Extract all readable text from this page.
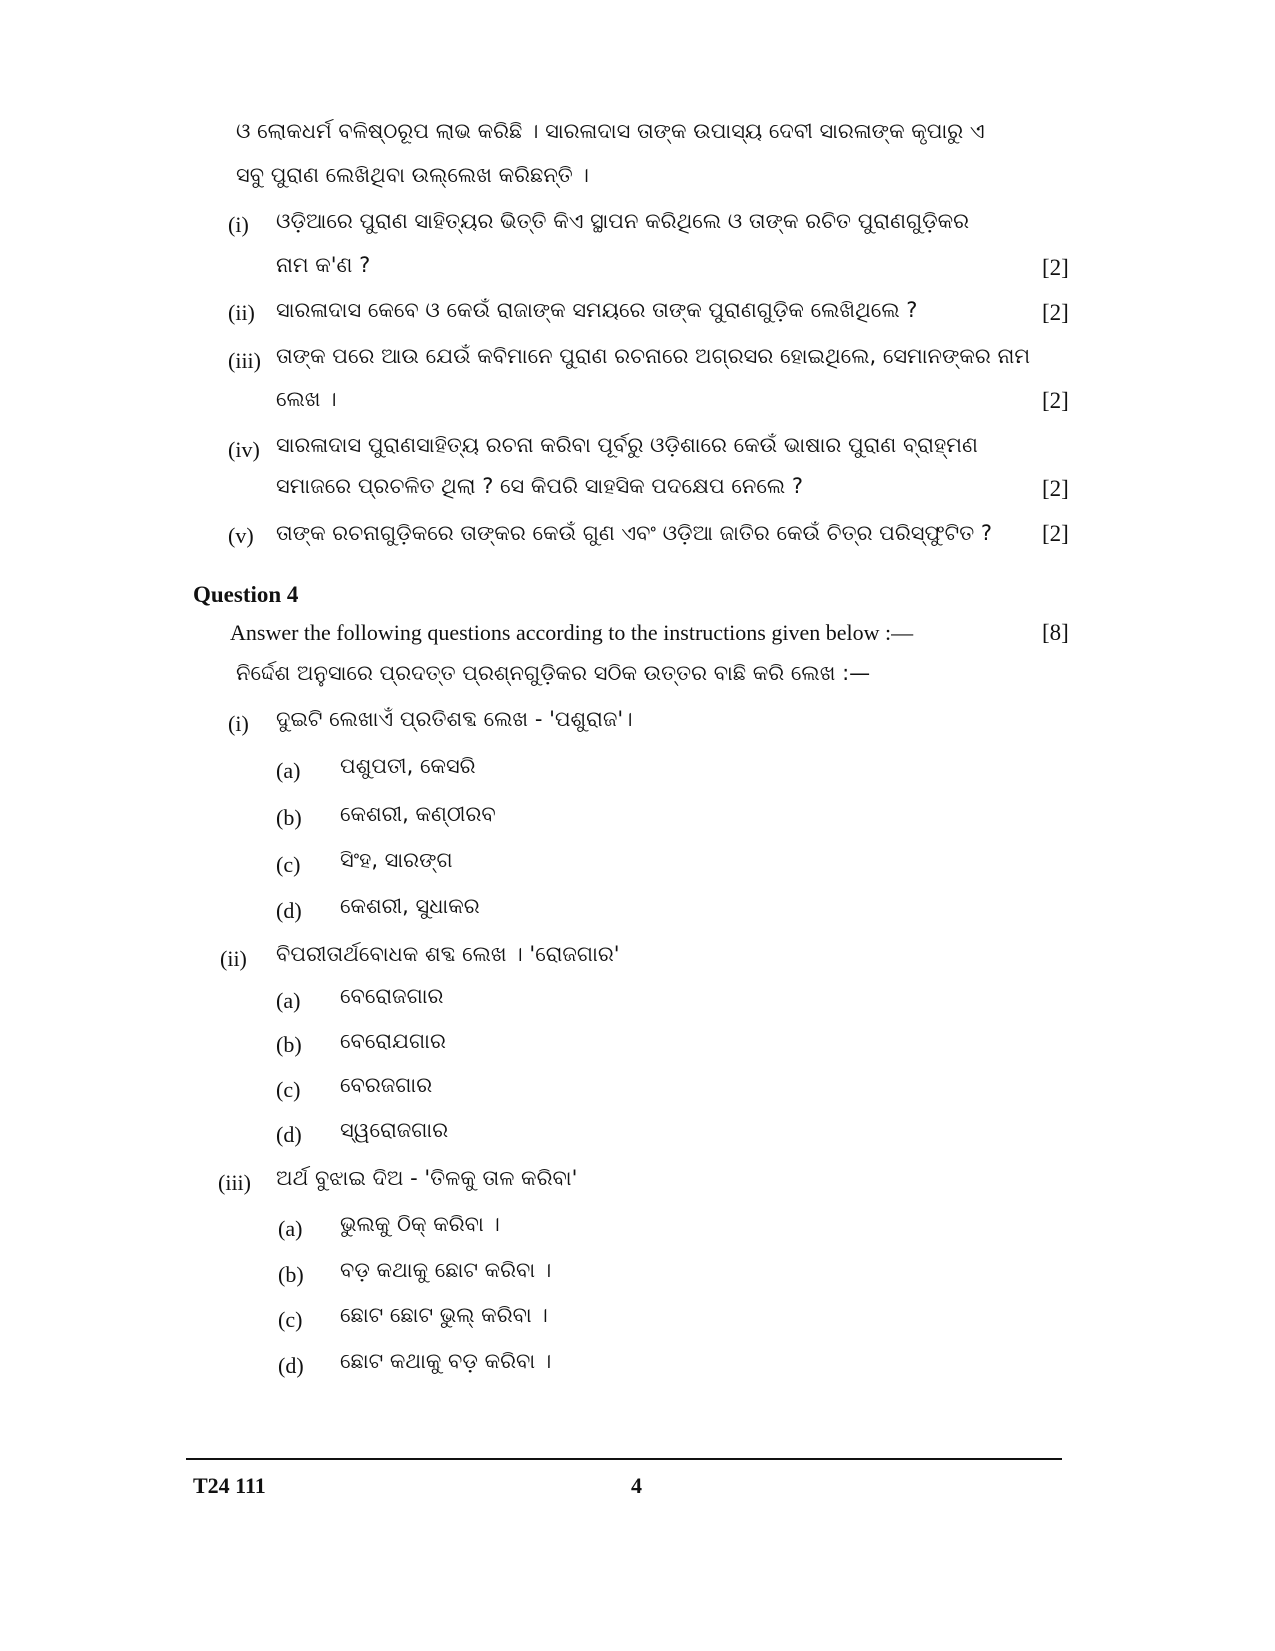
ଓ ଲୋକଧର୍ମ ବଳିଷ୍ଠରୂପ ଲାଭ କରିଛି । ସାରଳାଦାସ ତାଙ୍କ ଉପାସ୍ୟ ଦେବୀ ସାରଳାଙ୍କ କୃପାରୁ ଏ
ସବୁ ପୁରାଣ ଲେଖିଥିବା ଉଲ୍ଲେଖ କରିଛନ୍ତି ।
(i) ଓଡ଼ିଆରେ ପୁରାଣ ସାହିତ୍ୟର ଭିତ୍ତି କିଏ ସ୍ଥାପନ କରିଥିଲେ ଓ ତାଙ୍କ ରଚିତ ପୁରାଣଗୁଡ଼ିକର
ନାମ କ'ଣ ?	[2]
(ii) ସାରଳାଦାସ କେବେ ଓ କେଉଁ ରାଜାଙ୍କ ସମୟରେ ତାଙ୍କ ପୁରାଣଗୁଡ଼ିକ ଲେଖିଥିଲେ ?	[2]
(iii) ତାଙ୍କ ପରେ ଆଉ ଯେଉଁ କବିମାନେ ପୁରାଣ ରଚନାରେ ଅଗ୍ରସର ହୋଇଥିଲେ, ସେମାନଙ୍କର ନାମ
ଲେଖ ।	[2]
(iv) ସାରଳାଦାସ ପୁରାଣସାହିତ୍ୟ ରଚନା କରିବା ପୂର୍ବରୁ ଓଡ଼ିଶାରେ କେଉଁ ଭାଷାର ପୁରାଣ ବ୍ରାହ୍ମଣ
ସମାଜରେ ପ୍ରଚଳିତ ଥିଲା ? ସେ କିପରି ସାହସିକ ପଦକ୍ଷେପ ନେଲେ ?	[2]
(v) ତାଙ୍କ ରଚନାଗୁଡ଼ିକରେ ତାଙ୍କର କେଉଁ ଗୁଣ ଏବଂ ଓଡ଼ିଆ ଜାତିର କେଉଁ ଚିତ୍ର ପରିସ୍ଫୁଟିତ ? [2]
Question 4
Answer the following questions according to the instructions given below :—	[8]
ନିର୍ଦ୍ଦେଶ ଅନୁସାରେ ପ୍ରଦତ୍ତ ପ୍ରଶ୍ନଗୁଡ଼ିକର ସଠିକ ଉତ୍ତର ବାଛି କରି ଲେଖ :—
(i) ଦୁଇଟି ଲେଖାଏଁ ପ୍ରତିଶବ୍ଦ ଲେଖ - 'ପଶୁରାଜ'।
(a) ପଶୁପତୀ, କେସରି
(b) କେଶରୀ, କଣ୍ଠୀରବ
(c) ସିଂହ, ସାରଙ୍ଗ
(d) କେଶରୀ, ସୁଧାକର
(ii) ବିପରୀତାର୍ଥବୋଧକ ଶବ୍ଦ ଲେଖ । 'ରୋଜଗାର'
(a) ବେରୋଜଗାର
(b) ବେରୋଯଗାର
(c) ବେରଜଗାର
(d) ସ୍ୱରୋଜଗାର
(iii) ଅର୍ଥ ବୁଝାଇ ଦିଅ - 'ତିଳକୁ ତାଳ କରିବା'
(a) ଭୁଲକୁ ଠିକ୍ କରିବା ।
(b) ବଡ଼ କଥାକୁ ଛୋଟ କରିବା ।
(c) ଛୋଟ ଛୋଟ ଭୁଲ୍ କରିବା ।
(d) ଛୋଟ କଥାକୁ ବଡ଼ କରିବା ।
T24 111	4
